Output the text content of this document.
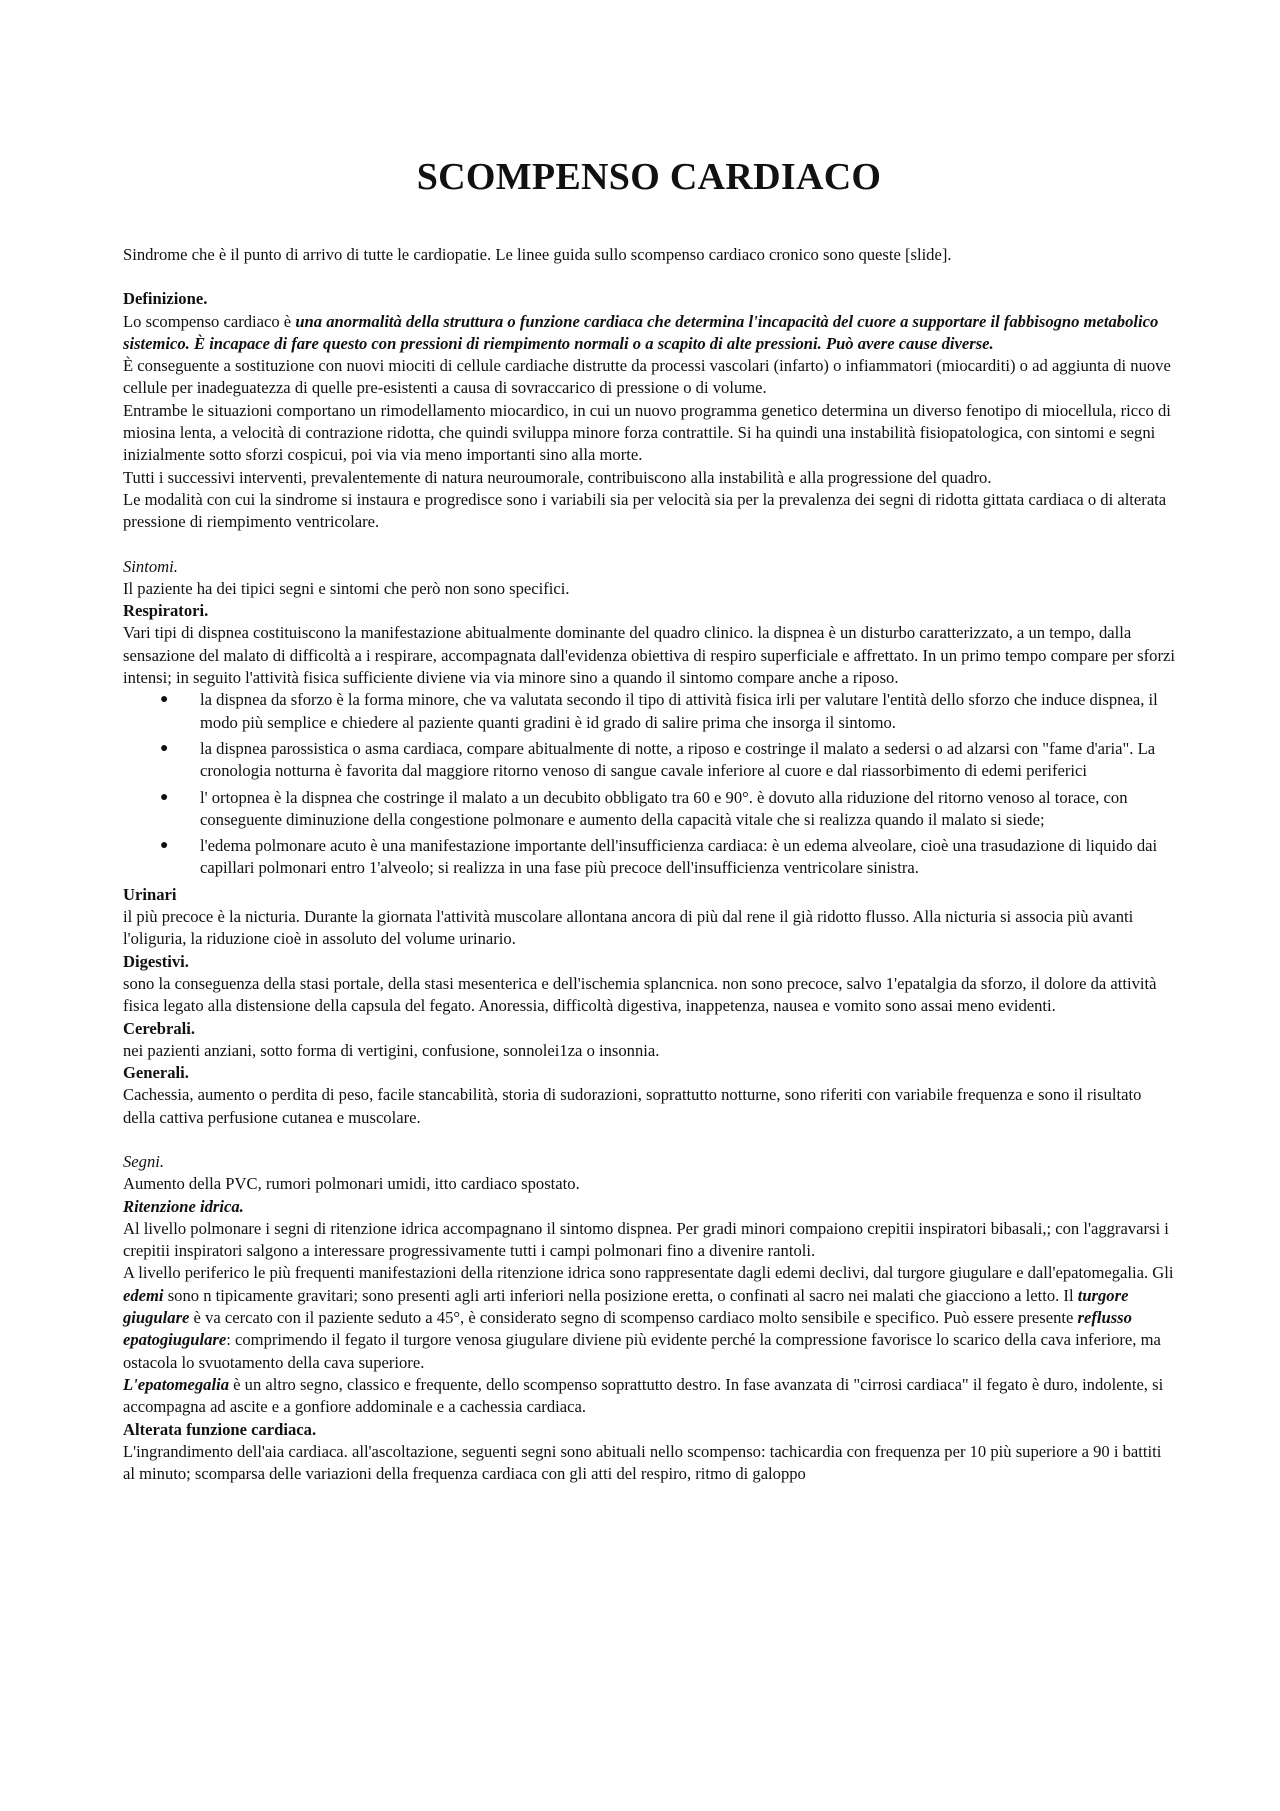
SCOMPENSO CARDIACO

Sindrome che è il punto di arrivo di tutte le cardiopatie. Le linee guida sullo scompenso cardiaco cronico sono queste [slide].

Definizione.

Lo scompenso cardiaco è una anormalità della struttura o funzione cardiaca che determina l'incapacità del cuore a supportare il fabbisogno metabolico sistemico. È incapace di fare questo con pressioni di riempimento normali o a scapito di alte pressioni. Può avere cause diverse.

È conseguente a sostituzione con nuovi miociti di cellule cardiache distrutte da processi vascolari (infarto) o infiammatori (miocarditi) o ad aggiunta di nuove cellule per inadeguatezza di quelle pre-esistenti a causa di sovraccarico di pressione o di volume.

Entrambe le situazioni comportano un rimodellamento miocardico, in cui un nuovo programma genetico determina un diverso fenotipo di miocellula, ricco di miosina lenta, a velocità di contrazione ridotta, che quindi sviluppa minore forza contrattile. Si ha quindi una instabilità fisiopatologica, con sintomi e segni inizialmente sotto sforzi cospicui, poi via via meno importanti sino alla morte.

Tutti i successivi interventi, prevalentemente di natura neuroumorale, contribuiscono alla instabilità e alla progressione del quadro.

Le modalità con cui la sindrome si instaura e progredisce sono i variabili sia per velocità sia per la prevalenza dei segni di ridotta gittata cardiaca o di alterata pressione di riempimento ventricolare.

Sintomi.

Il paziente ha dei tipici segni e sintomi che però non sono specifici.

Respiratori.

Vari tipi di dispnea costituiscono la manifestazione abitualmente dominante del quadro clinico. la dispnea è un disturbo caratterizzato, a un tempo, dalla sensazione del malato di difficoltà a i respirare, accompagnata dall'evidenza obiettiva di respiro superficiale e affrettato. In un primo tempo compare per sforzi intensi; in seguito l'attività fisica sufficiente diviene via via minore sino a quando il sintomo compare anche a riposo.

● la dispnea da sforzo è la forma minore, che va valutata secondo il tipo di attività fisica irli per valutare l'entità dello sforzo che induce dispnea, il modo più semplice e chiedere al paziente quanti gradini è id grado di salire prima che insorga il sintomo.
● la dispnea parossistica o asma cardiaca, compare abitualmente di notte, a riposo e costringe il malato a sedersi o ad alzarsi con "fame d'aria". La cronologia notturna è favorita dal maggiore ritorno venoso di sangue cavale inferiore al cuore e dal riassorbimento di edemi periferici
● l' ortopnea è la dispnea che costringe il malato a un decubito obbligato tra 60 e 90°. è dovuto alla riduzione del ritorno venoso al torace, con conseguente diminuzione della congestione polmonare e aumento della capacità vitale che si realizza quando il malato si siede;
● l'edema polmonare acuto è una manifestazione importante dell'insufficienza cardiaca: è un edema alveolare, cioè una trasudazione di liquido dai capillari polmonari entro 1'alveolo; si realizza in una fase più precoce dell'insufficienza ventricolare sinistra.

Urinari

il più precoce è la nicturia. Durante la giornata l'attività muscolare allontana ancora di più dal rene il già ridotto flusso. Alla nicturia si associa più avanti l'oliguria, la riduzione cioè in assoluto del volume urinario.

Digestivi.

sono la conseguenza della stasi portale, della stasi mesenterica e dell'ischemia splancnica. non sono precoce, salvo 1'epatalgia da sforzo, il dolore da attività fisica legato alla distensione della capsula del fegato. Anoressia, difficoltà digestiva, inappetenza, nausea e vomito sono assai meno evidenti.

Cerebrali.

nei pazienti anziani, sotto forma di vertigini, confusione, sonnolei1za o insonnia.

Generali.

Cachessia, aumento o perdita di peso, facile stancabilità, storia di sudorazioni, soprattutto notturne, sono riferiti con variabile frequenza e sono il risultato della cattiva perfusione cutanea e muscolare.

Segni.

Aumento della PVC, rumori polmonari umidi, itto cardiaco spostato.

Ritenzione idrica.

Al livello polmonare i segni di ritenzione idrica accompagnano il sintomo dispnea. Per gradi minori compaiono crepitii inspiratori bibasali,; con l'aggravarsi i crepitii inspiratori salgono a interessare progressivamente tutti i campi polmonari fino a divenire rantoli.

A livello periferico le più frequenti manifestazioni della ritenzione idrica sono rappresentate dagli edemi declivi, dal turgore giugulare e dall'epatomegalia. Gli edemi sono n tipicamente gravitari; sono presenti agli arti inferiori nella posizione eretta, o confinati al sacro nei malati che giacciono a letto. Il turgore giugulare è va cercato con il paziente seduto a 45°, è considerato segno di scompenso cardiaco molto sensibile e specifico. Può essere presente reflusso epatogiugulare: comprimendo il fegato il turgore venosa giugulare diviene più evidente perché la compressione favorisce lo scarico della cava inferiore, ma ostacola lo svuotamento della cava superiore.

L'epatomegalia è un altro segno, classico e frequente, dello scompenso soprattutto destro. In fase avanzata di "cirrosi cardiaca" il fegato è duro, indolente, si accompagna ad ascite e a gonfiore addominale e a cachessia cardiaca.

Alterata funzione cardiaca.

L'ingrandimento dell'aia cardiaca. all'ascoltazione, seguenti segni sono abituali nello scompenso: tachicardia con frequenza per 10 più superiore a 90 i battiti al minuto; scomparsa delle variazioni della frequenza cardiaca con gli atti del respiro, ritmo di galoppo
